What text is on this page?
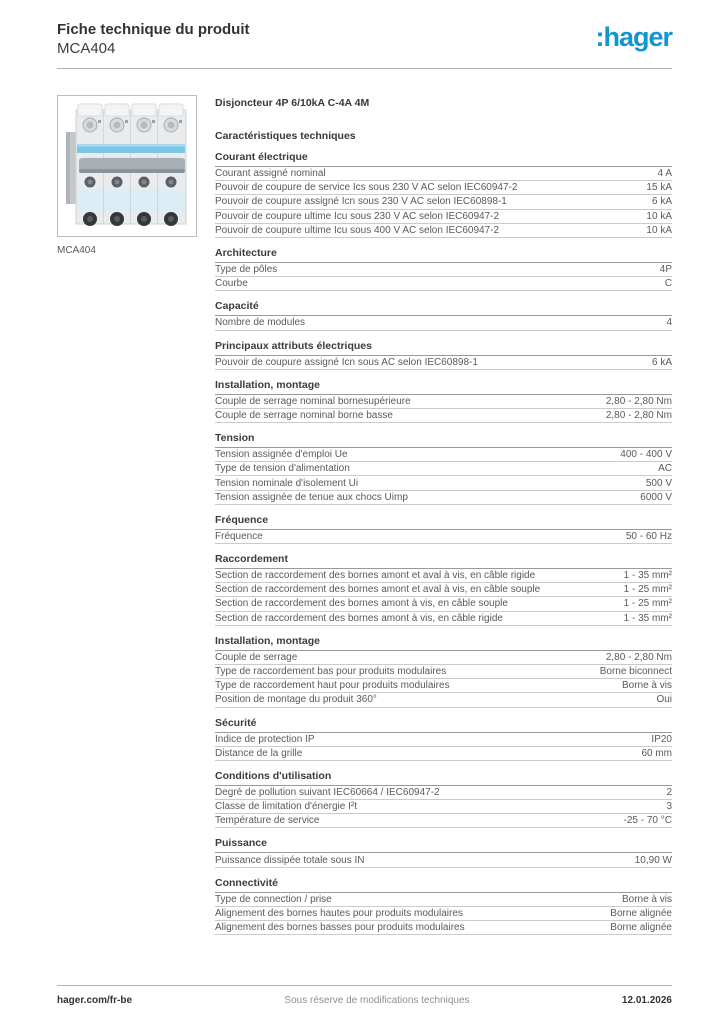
Fiche technique du produit
MCA404	:hager
MCA404
Disjoncteur 4P 6/10kA C-4A 4M
Caractéristiques techniques
Courant électrique
Courant assigné nominal	4 A
Pouvoir de coupure de service Ics sous 230 V AC selon IEC60947-2	15 kA
Pouvoir de coupure assigné Icn sous 230 V AC selon IEC60898-1	6 kA
Pouvoir de coupure ultime Icu sous 230 V AC selon IEC60947-2	10 kA
Pouvoir de coupure ultime Icu sous 400 V AC selon IEC60947-2	10 kA
Architecture
Type de pôles	4P
Courbe	C
Capacité
Nombre de modules	4
Principaux attributs électriques
Pouvoir de coupure assigné Icn sous AC selon IEC60898-1	6 kA
Installation, montage
Couple de serrage nominal bornesupérieure	2,80 - 2,80 Nm
Couple de serrage nominal borne basse	2,80 - 2,80 Nm
Tension
Tension assignée d'emploi Ue	400 - 400 V
Type de tension d'alimentation	AC
Tension nominale d'isolement Ui	500 V
Tension assignée de tenue aux chocs Uimp	6000 V
Fréquence
Fréquence	50 - 60 Hz
Raccordement
Section de raccordement des bornes amont et aval à vis, en câble rigide	1 - 35 mm²
Section de raccordement des bornes amont et aval à vis, en câble souple	1 - 25 mm²
Section de raccordement des bornes amont à vis, en câble souple	1 - 25 mm²
Section de raccordement des bornes amont à vis, en câble rigide	1 - 35 mm²
Installation, montage
Couple de serrage	2,80 - 2,80 Nm
Type de raccordement bas pour produits modulaires	Borne biconnect
Type de raccordement haut pour produits modulaires	Borne à vis
Position de montage du produit 360°	Oui
Sécurité
Indice de protection IP	IP20
Distance de la grille	60 mm
Conditions d'utilisation
Degré de pollution suivant IEC60664 / IEC60947-2	2
Classe de limitation d'énergie I²t	3
Température de service	-25 - 70 °C
Puissance
Puissance dissipée totale sous IN	10,90 W
Connectivité
Type de connection / prise	Borne à vis
Alignement des bornes hautes pour produits modulaires	Borne alignée
Alignement des bornes basses pour produits modulaires	Borne alignée
hager.com/fr-be	Sous réserve de modifications techniques	12.01.2026
